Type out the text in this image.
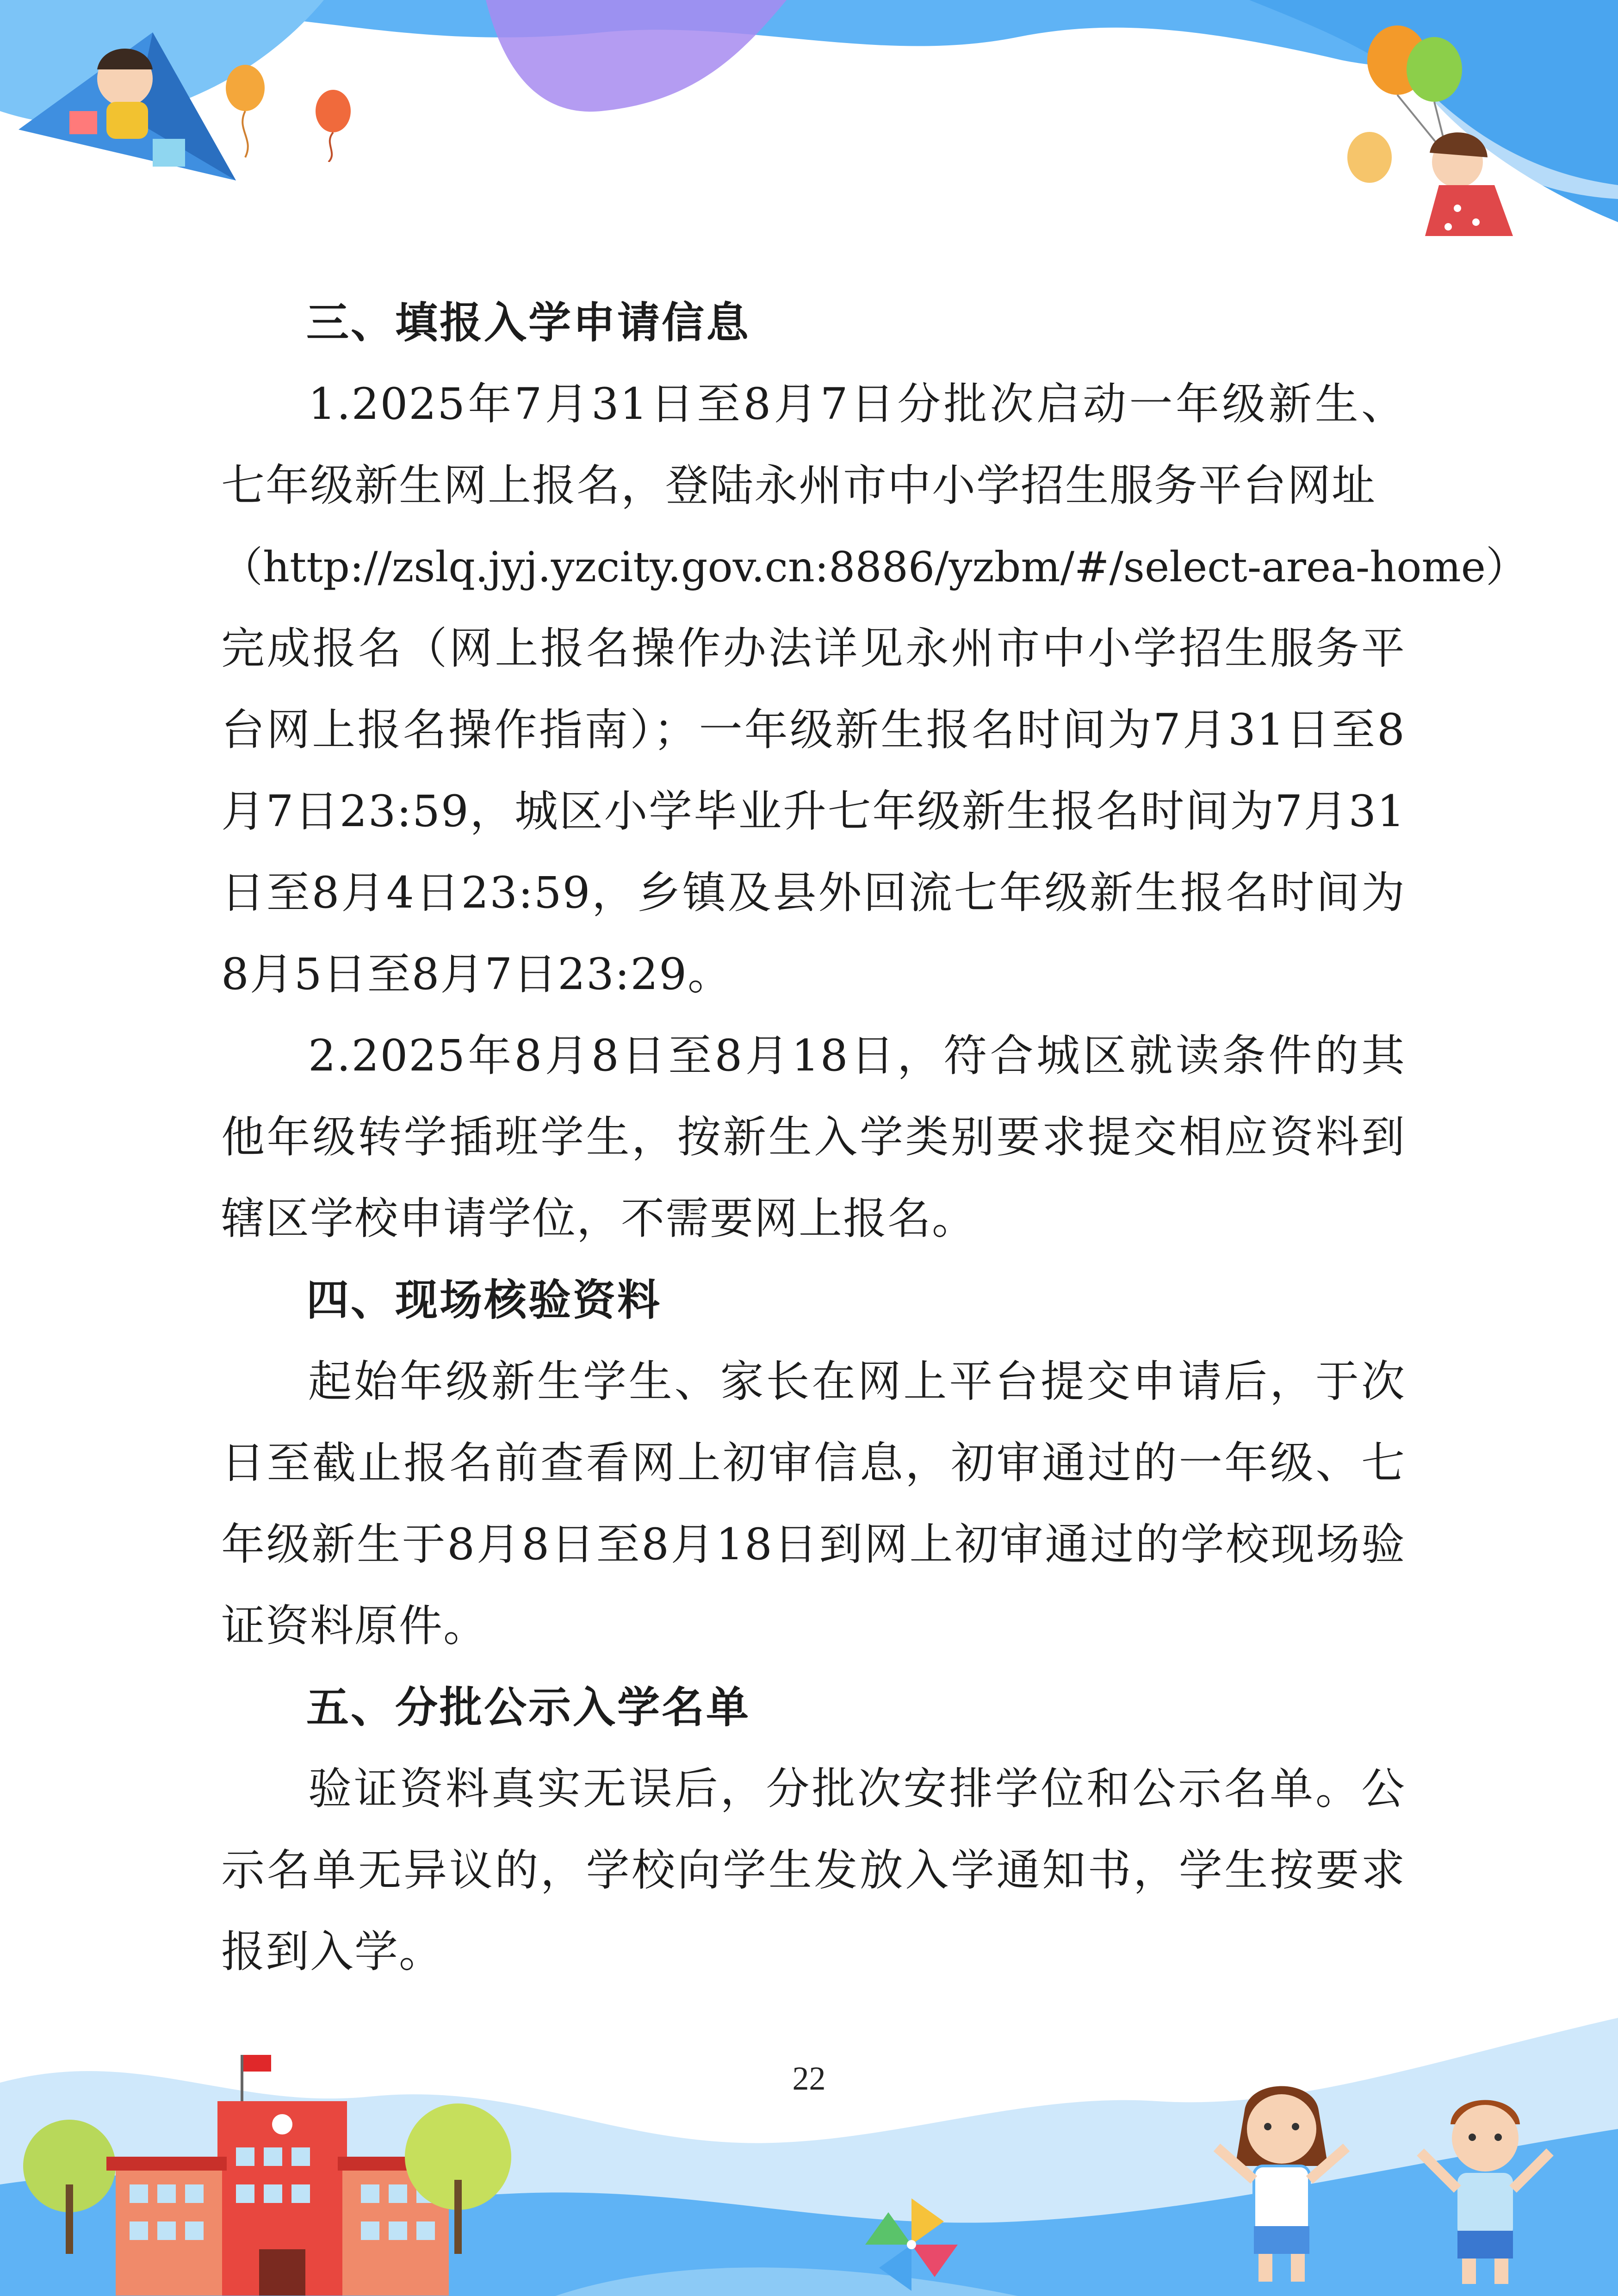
三、填报入学申请信息

1.2025年7月31日至8月7日分批次启动一年级新生、七年级新生网上报名，登陆永州市中小学招生服务平台网址

（http://zslq.jyj.yzcity.gov.cn:8886/yzbm/#/select-area-home）

完成报名（网上报名操作办法详见永州市中小学招生服务平台网上报名操作指南）；一年级新生报名时间为7月31日至8月7日23:59，城区小学毕业升七年级新生报名时间为7月31日至8月4日23:59，乡镇及县外回流七年级新生报名时间为8月5日至8月7日23:29。

2.2025年8月8日至8月18日，符合城区就读条件的其他年级转学插班学生，按新生入学类别要求提交相应资料到辖区学校申请学位，不需要网上报名。

四、现场核验资料

起始年级新生学生、家长在网上平台提交申请后，于次日至截止报名前查看网上初审信息，初审通过的一年级、七年级新生于8月8日至8月18日到网上初审通过的学校现场验证资料原件。

五、分批公示入学名单

验证资料真实无误后，分批次安排学位和公示名单。公示名单无异议的，学校向学生发放入学通知书，学生按要求报到入学。

22
